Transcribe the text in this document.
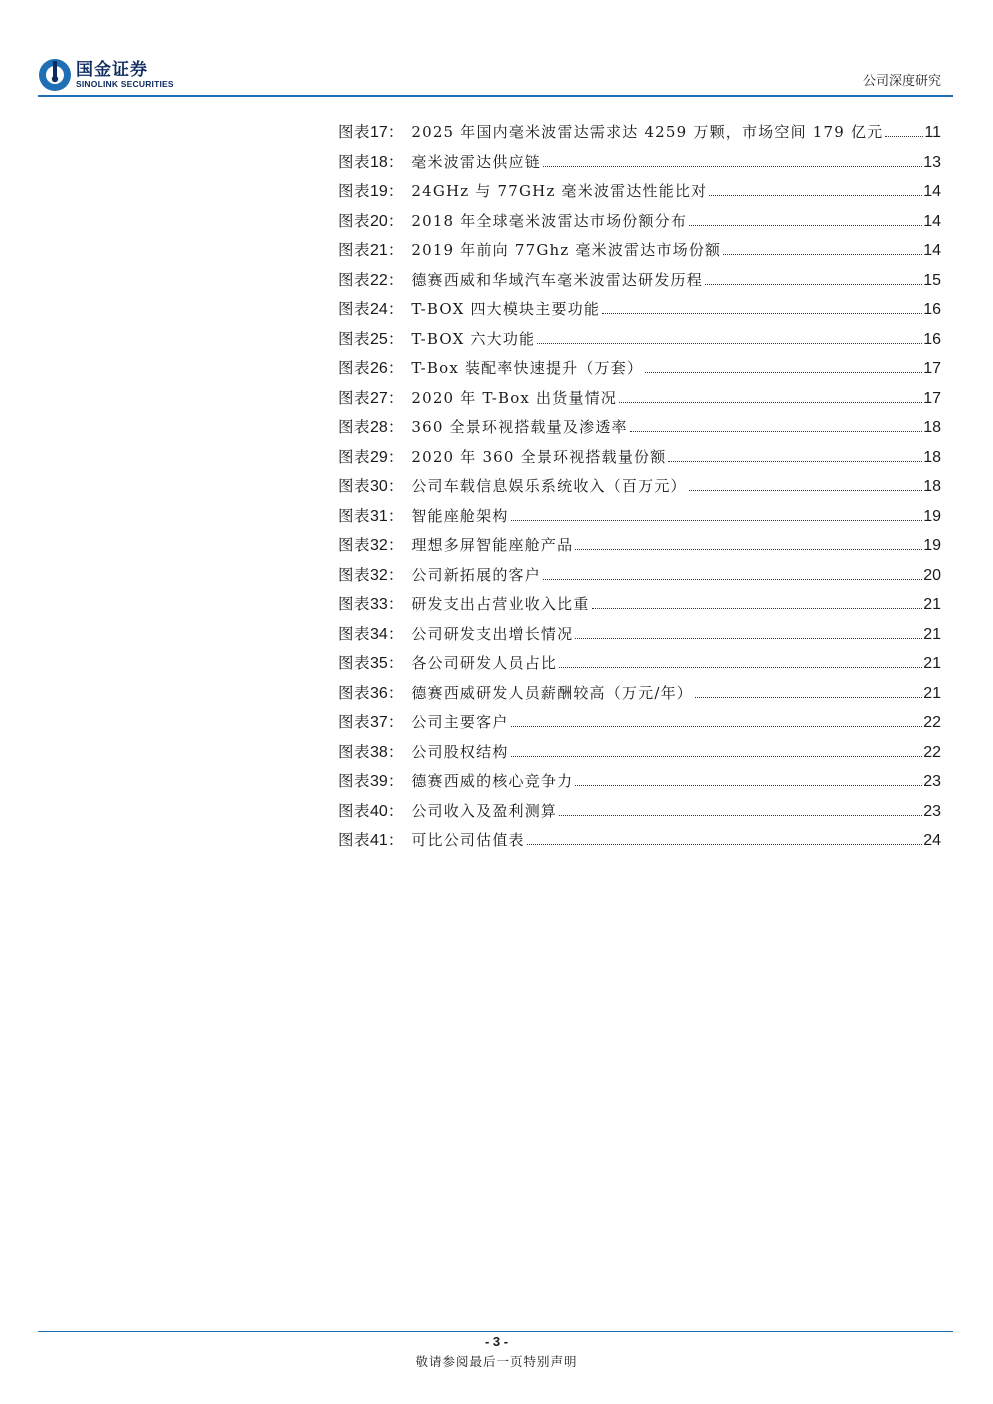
国金证券
SINOLINK SECURITIES	公司深度研究
图表 17 ： 2025 年国内毫米波雷达需求达 4259 万颗，市场空间 179 亿元	11
图表 18 ： 毫米波雷达供应链	13
图表 19 ： 24GHz 与 77GHz 毫米波雷达性能比对	14
图表 20 ： 2018 年全球毫米波雷达市场份额分布	14
图表 21 ： 2019 年前向 77Ghz 毫米波雷达市场份额	14
图表 22 ： 德赛西威和华域汽车毫米波雷达研发历程	15
图表 24 ： T-BOX 四大模块主要功能	16
图表 25 ： T-BOX 六大功能	16
图表 26 ： T-Box 装配率快速提升（万套）	17
图表 27 ： 2020 年 T-Box 出货量情况	17
图表 28 ： 360 全景环视搭载量及渗透率	18
图表 29 ： 2020 年 360 全景环视搭载量份额	18
图表 30 ： 公司车载信息娱乐系统收入（百万元）	18
图表 31 ： 智能座舱架构	19
图表 32 ： 理想多屏智能座舱产品	19
图表 32 ： 公司新拓展的客户	20
图表 33 ： 研发支出占营业收入比重	21
图表 34 ： 公司研发支出增长情况	21
图表 35 ： 各公司研发人员占比	21
图表 36 ： 德赛西威研发人员薪酬较高（万元/年）	21
图表 37 ： 公司主要客户	22
图表 38 ： 公司股权结构	22
图表 39 ： 德赛西威的核心竞争力	23
图表 40 ： 公司收入及盈利测算	23
图表 41 ： 可比公司估值表	24
- 3 -
敬请参阅最后一页特别声明
